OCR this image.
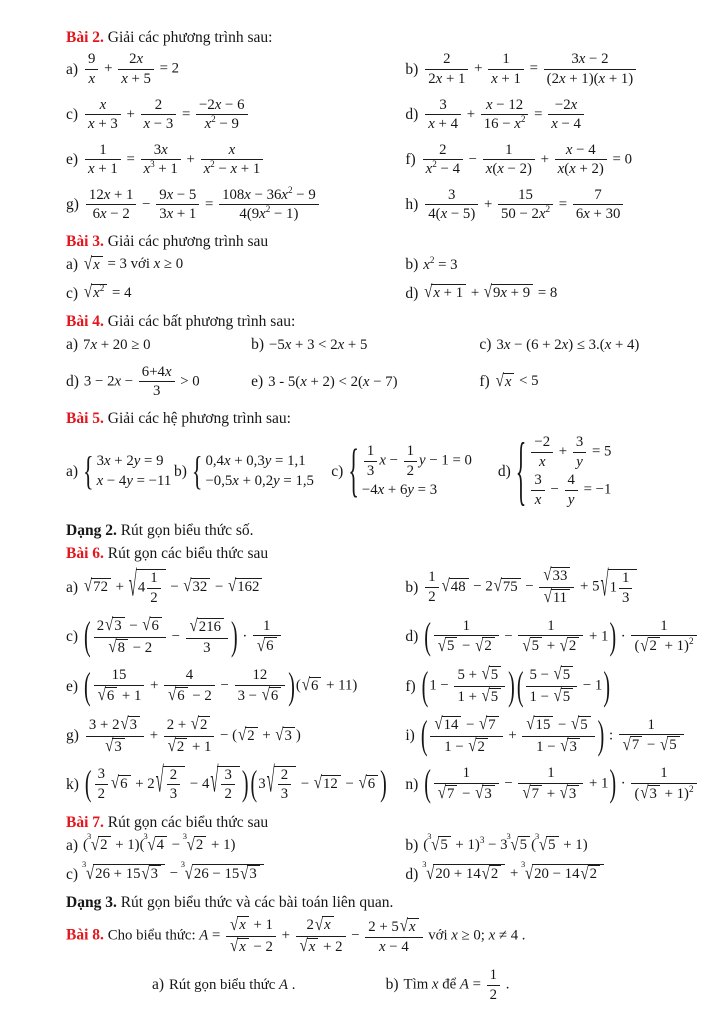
Bài 2. Giải các phương trình sau:

$a) \frac{9}{x} + \frac{2x}{x + 5} = 2$	$b) \frac{2}{2x + 1} + \frac{1}{x + 1} = \frac{3x - 2}{(2x + 1)(x + 1)}$
$c) \frac{x}{x + 3} + \frac{2}{x - 3} = \frac{-2x - 6}{x^2 - 9}$	$d) \frac{3}{x + 4} + \frac{x - 12}{16 - x^2} = \frac{-2x}{x - 4}$
$e) \frac{1}{x + 1} = \frac{3x}{x^3 + 1} + \frac{x}{x^2 - x + 1}$	$f) \frac{2}{x^2 - 4} - \frac{1}{x(x - 2)} + \frac{x - 4}{x(x + 2)} = 0$
$g) \frac{12x + 1}{6x - 2} - \frac{9x - 5}{3x + 1} = \frac{108x - 36x^2 - 9}{4(9x^2 - 1)}$	$h) \frac{3}{4(x - 5)} + \frac{15}{50 - 2x^2} = \frac{7}{6x + 30}$

Bài 3. Giải các phương trình sau

a) √ x = 3 với x ≥ 0	b) $x^2 = 3$
c) √ $x^2 = 4$	d) √ x + 1 + √ 9x + 9 = 8

Bài 4. Giải các bất phương trình sau:

a) 7x + 20 ≥ 0	b) −5x + 3 < 2x + 5	c) 3x − (6 + 2x) ≤ 3.(x + 4)
d) $3 - 2x - \frac{6+4x}{3} > 0$	e) 3 - 5(x + 2) < 2(x − 7)	f) √ x < 5

Bài 5. Giải các hệ phương trình sau:

a) { 3x + 2y = 9
x − 4y = −11
b) { 0,4x + 0,3y = 1,1
−0,5x + 0,2y = 1,5
c) { $\frac{1}{3}$ $x - \frac{1}{2}$ y − 1 = 0
−4x + 6y = 3
d) { $\frac{-2}{x} + \frac{3}{y} = 5$
$\frac{3}{x} - \frac{4}{y} = -1$

Dạng 2. Rút gọn biểu thức số.

Bài 6. Rút gọn các biểu thức sau

a) √ 72 + √ $4 \frac{1}{2}$ − √ 32 − √ 162	$b) \frac{1}{2}$ √ 48 − 2 √ $75 - \frac{√ 33}{√ 11} + 5$ √ $1 \frac{1}{3}$
c) ( $\frac{2 √ 3 - √ 6}{√ 8 - 2} - \frac{√ 216}{3}$ ) · $\frac{1}{√ 6}$	d) ( $\frac{1}{√ 5 - √ 2} - \frac{1}{√ 5 + √ 2} + 1) \cdot \frac{1}{( √ 2 + 1)^2}$
e) ( $\frac{15}{√ 6 + 1} + \frac{4}{√ 6 - 2} - \frac{12}{3 - √ 6}$ )( √ 6 + 11)	f) ($1 - \frac{5 + √ 5}{1 + √ 5}$ ) ( $\frac{5 - √ 5}{1 - √ 5} - 1$)
$g) \frac{3 + 2 √ 3}{√ 3} + \frac{2 + √ 2}{√ 2 + 1}$ − ( √ 2 + √ 3 )	i) ( $\frac{√ 14 - √ 7}{1 - √ 2} + \frac{√ 15 - √ 5}{1 - √ 3}$ ) : $\frac{1}{√ 7 - √ 5}$
k) ( $\frac{3}{2}$ √ 6 + 2 √ $\frac{2}{3} - 4$ √ $\frac{3}{2}$ ) (3 √ $\frac{2}{3}$ − √ 12 − √ 6 ) n) ( $\frac{1}{√ 7 - √ 3} - \frac{1}{√ 7 + √ 3} + 1) \cdot \frac{1}{( √ 3 + 1)^2}$

Bài 7. Rút gọn các biểu thức sau

a) (
3 √ 2 + 1)(
3 √ 4 −
3 √ 2 + 1)	b) (
3 √ 5 + 1)$^3$ − 3
3 √ 5 (
3 √ 5 + 1)
c)
3 √ 26 + 15 √ 3 −
3 √ 26 − 15 √ 3	d)
3 √ 20 + 14 √ 2 +
3 √ 20 − 14 √ 2

Dạng 3. Rút gọn biểu thức và các bài toán liên quan.

Bài 8. Cho biểu thức: $A = \frac{√ x + 1}{√ x - 2} + \frac{2 √ x}{√ x + 2} - \frac{2 + 5 √ x}{x - 4}$ với x ≥ 0; x ≠ 4 .

a) Rút gọn biểu thức A .	b) Tìm x để $A = \frac{1}{2}$ .
